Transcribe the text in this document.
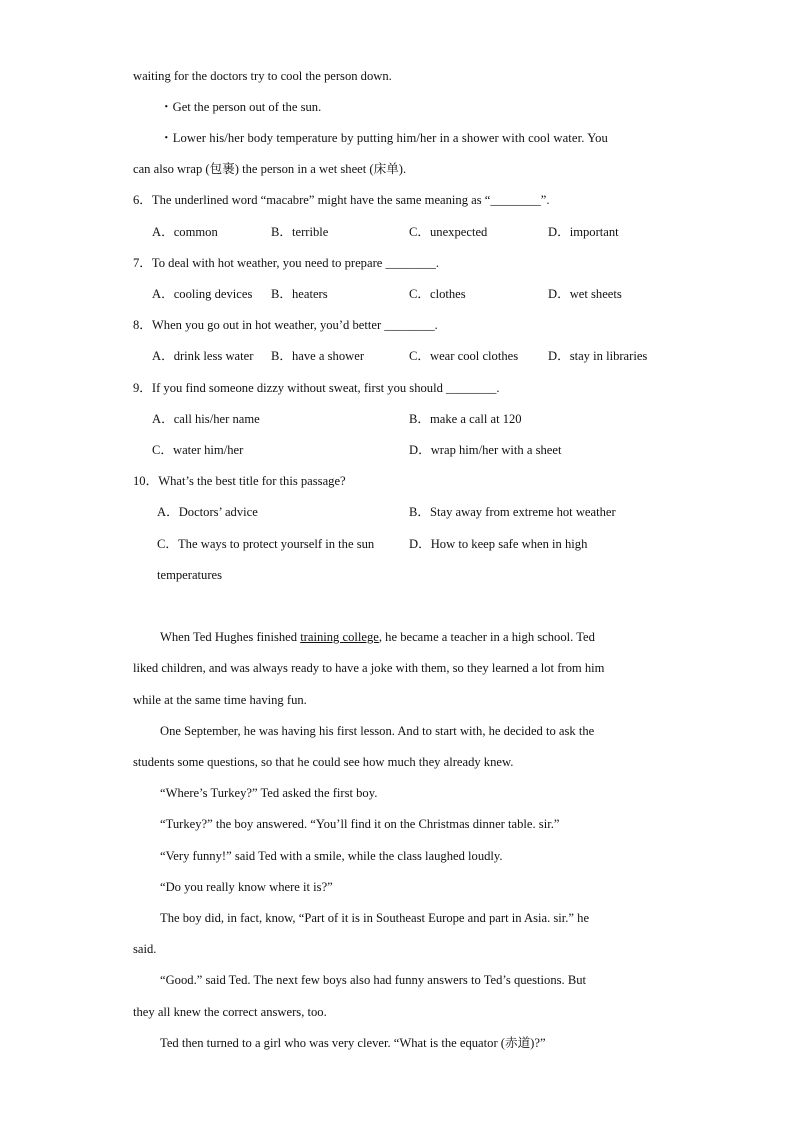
waiting for the doctors try to cool the person down.
・Get the person out of the sun.
・Lower his/her body temperature by putting him/her in a shower with cool water. You
can also wrap (包裹) the person in a wet sheet (床单).
6．The underlined word “macabre” might have the same meaning as “________”.
A．common	B．terrible	C．unexpected	D．important
7．To deal with hot weather, you need to prepare ________.
A．cooling devices B．heaters	C．clothes	D．wet sheets
8．When you go out in hot weather, you’d better ________.
A．drink less water B．have a shower	C．wear cool clothes D．stay in libraries
9．If you find someone dizzy without sweat, first you should ________.
A．call his/her name	B．make a call at 120
C．water him/her	D．wrap him/her with a sheet
10．What’s the best title for this passage?
A．Doctors’ advice	B．Stay away from extreme hot weather
C．The ways to protect yourself in the sun	D．How to keep safe when in high
temperatures
When Ted Hughes finished training college, he became a teacher in a high school. Ted
liked children, and was always ready to have a joke with them, so they learned a lot from him
while at the same time having fun.
One September, he was having his first lesson. And to start with, he decided to ask the
students some questions, so that he could see how much they already knew.
“Where’s Turkey?” Ted asked the first boy.
“Turkey?” the boy answered. “You’ll find it on the Christmas dinner table. sir.”
“Very funny!” said Ted with a smile, while the class laughed loudly.
“Do you really know where it is?”
The boy did, in fact, know, “Part of it is in Southeast Europe and part in Asia. sir.” he
said.
“Good.” said Ted. The next few boys also had funny answers to Ted’s questions. But
they all knew the correct answers, too.
Ted then turned to a girl who was very clever. “What is the equator (赤道)?”
